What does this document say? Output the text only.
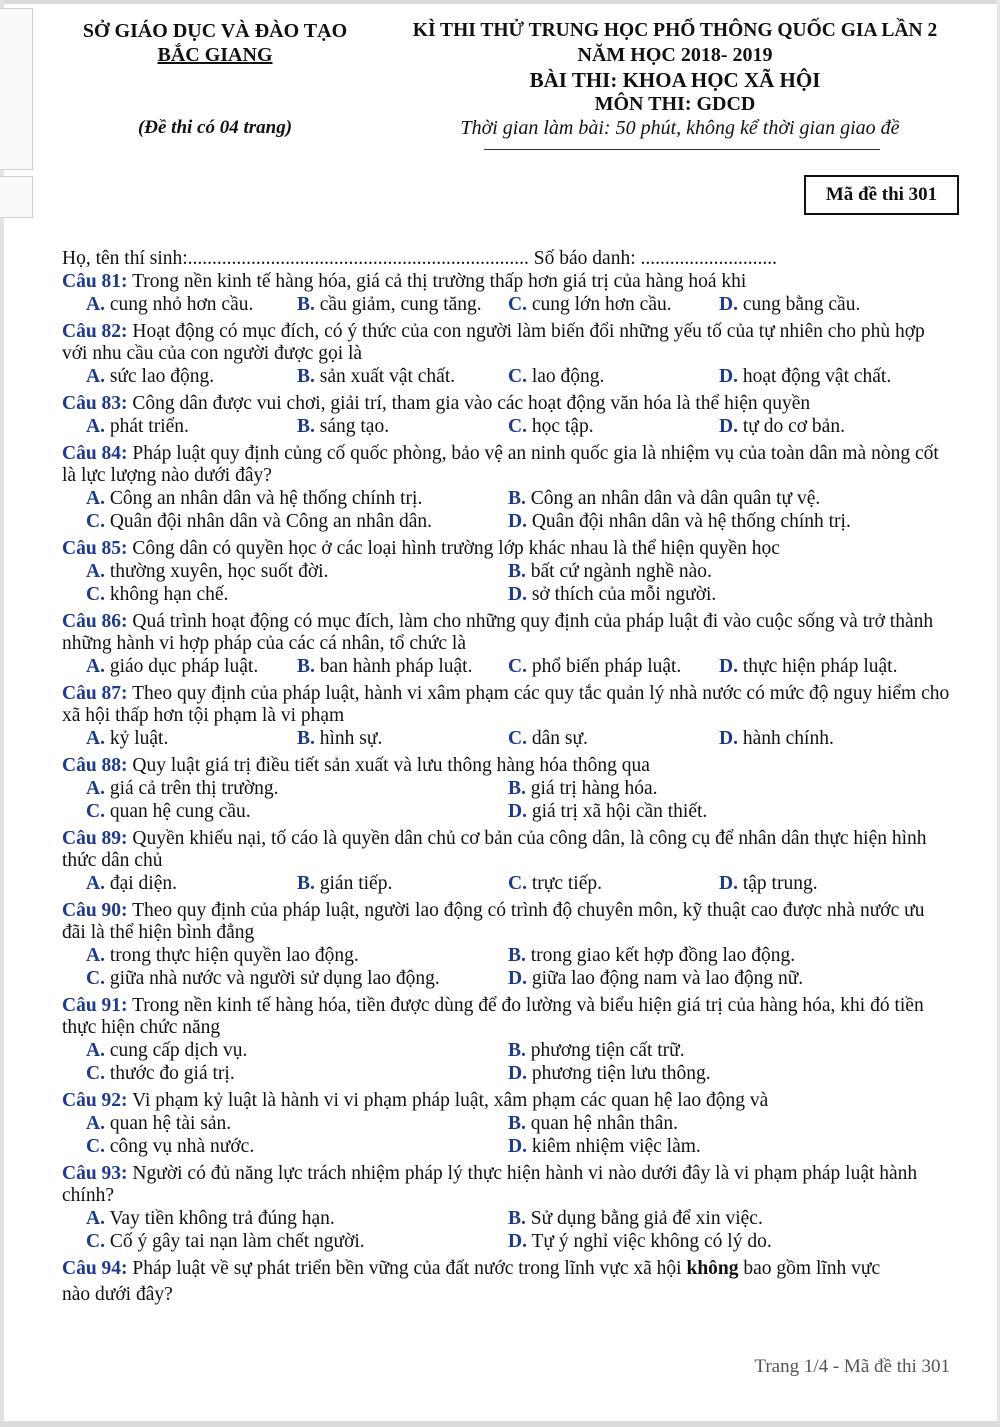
SỞ GIÁO DỤC VÀ ĐÀO TẠO
BẮC GIANG
(Đề thi có 04 trang)
KÌ THI THỬ TRUNG HỌC PHỔ THÔNG QUỐC GIA LẦN 2
NĂM HỌC 2018- 2019
BÀI THI: KHOA HỌC XÃ HỘI
MÔN THI: GDCD
Thời gian làm bài: 50 phút, không kể thời gian giao đề
Mã đề thi 301
Họ, tên thí sinh:...................................................................... Số báo danh: ............................
Câu 81: Trong nền kinh tế hàng hóa, giá cả thị trường thấp hơn giá trị của hàng hoá khi
A. cung nhỏ hơn cầu.	B. cầu giảm, cung tăng.	C. cung lớn hơn cầu.	D. cung bằng cầu.
Câu 82: Hoạt động có mục đích, có ý thức của con người làm biến đổi những yếu tố của tự nhiên cho phù hợp với nhu cầu của con người được gọi là
A. sức lao động.	B. sản xuất vật chất.	C. lao động.	D. hoạt động vật chất.
Câu 83: Công dân được vui chơi, giải trí, tham gia vào các hoạt động văn hóa là thể hiện quyền
A. phát triển.	B. sáng tạo.	C. học tập.	D. tự do cơ bản.
Câu 84: Pháp luật quy định củng cố quốc phòng, bảo vệ an ninh quốc gia là nhiệm vụ của toàn dân mà nòng cốt là lực lượng nào dưới đây?
A. Công an nhân dân và hệ thống chính trị.	B. Công an nhân dân và dân quân tự vệ.
C. Quân đội nhân dân và Công an nhân dân.	D. Quân đội nhân dân và hệ thống chính trị.
Câu 85: Công dân có quyền học ở các loại hình trường lớp khác nhau là thể hiện quyền học
A. thường xuyên, học suốt đời.	B. bất cứ ngành nghề nào.
C. không hạn chế.	D. sở thích của mỗi người.
Câu 86: Quá trình hoạt động có mục đích, làm cho những quy định của pháp luật đi vào cuộc sống và trở thành những hành vi hợp pháp của các cá nhân, tổ chức là
A. giáo dục pháp luật.	B. ban hành pháp luật.	C. phổ biến pháp luật.	D. thực hiện pháp luật.
Câu 87: Theo quy định của pháp luật, hành vi xâm phạm các quy tắc quản lý nhà nước có mức độ nguy hiểm cho xã hội thấp hơn tội phạm là vi phạm
A. kỷ luật.	B. hình sự.	C. dân sự.	D. hành chính.
Câu 88: Quy luật giá trị điều tiết sản xuất và lưu thông hàng hóa thông qua
A. giá cả trên thị trường.	B. giá trị hàng hóa.
C. quan hệ cung cầu.	D. giá trị xã hội cần thiết.
Câu 89: Quyền khiếu nại, tố cáo là quyền dân chủ cơ bản của công dân, là công cụ để nhân dân thực hiện hình thức dân chủ
A. đại diện.	B. gián tiếp.	C. trực tiếp.	D. tập trung.
Câu 90: Theo quy định của pháp luật, người lao động có trình độ chuyên môn, kỹ thuật cao được nhà nước ưu đãi là thể hiện bình đẳng
A. trong thực hiện quyền lao động.	B. trong giao kết hợp đồng lao động.
C. giữa nhà nước và người sử dụng lao động.	D. giữa lao động nam và lao động nữ.
Câu 91: Trong nền kinh tế hàng hóa, tiền được dùng để đo lường và biểu hiện giá trị của hàng hóa, khi đó tiền thực hiện chức năng
A. cung cấp dịch vụ.	B. phương tiện cất trữ.
C. thước đo giá trị.	D. phương tiện lưu thông.
Câu 92: Vi phạm kỷ luật là hành vi vi phạm pháp luật, xâm phạm các quan hệ lao động và
A. quan hệ tài sản.	B. quan hệ nhân thân.
C. công vụ nhà nước.	D. kiêm nhiệm việc làm.
Câu 93: Người có đủ năng lực trách nhiệm pháp lý thực hiện hành vi nào dưới đây là vi phạm pháp luật hành chính?
A. Vay tiền không trả đúng hạn.	B. Sử dụng bằng giả để xin việc.
C. Cố ý gây tai nạn làm chết người.	D. Tự ý nghỉ việc không có lý do.
Câu 94: Pháp luật về sự phát triển bền vững của đất nước trong lĩnh vực xã hội không bao gồm lĩnh vực
nào dưới đây?
Trang 1/4 - Mã đề thi 301
